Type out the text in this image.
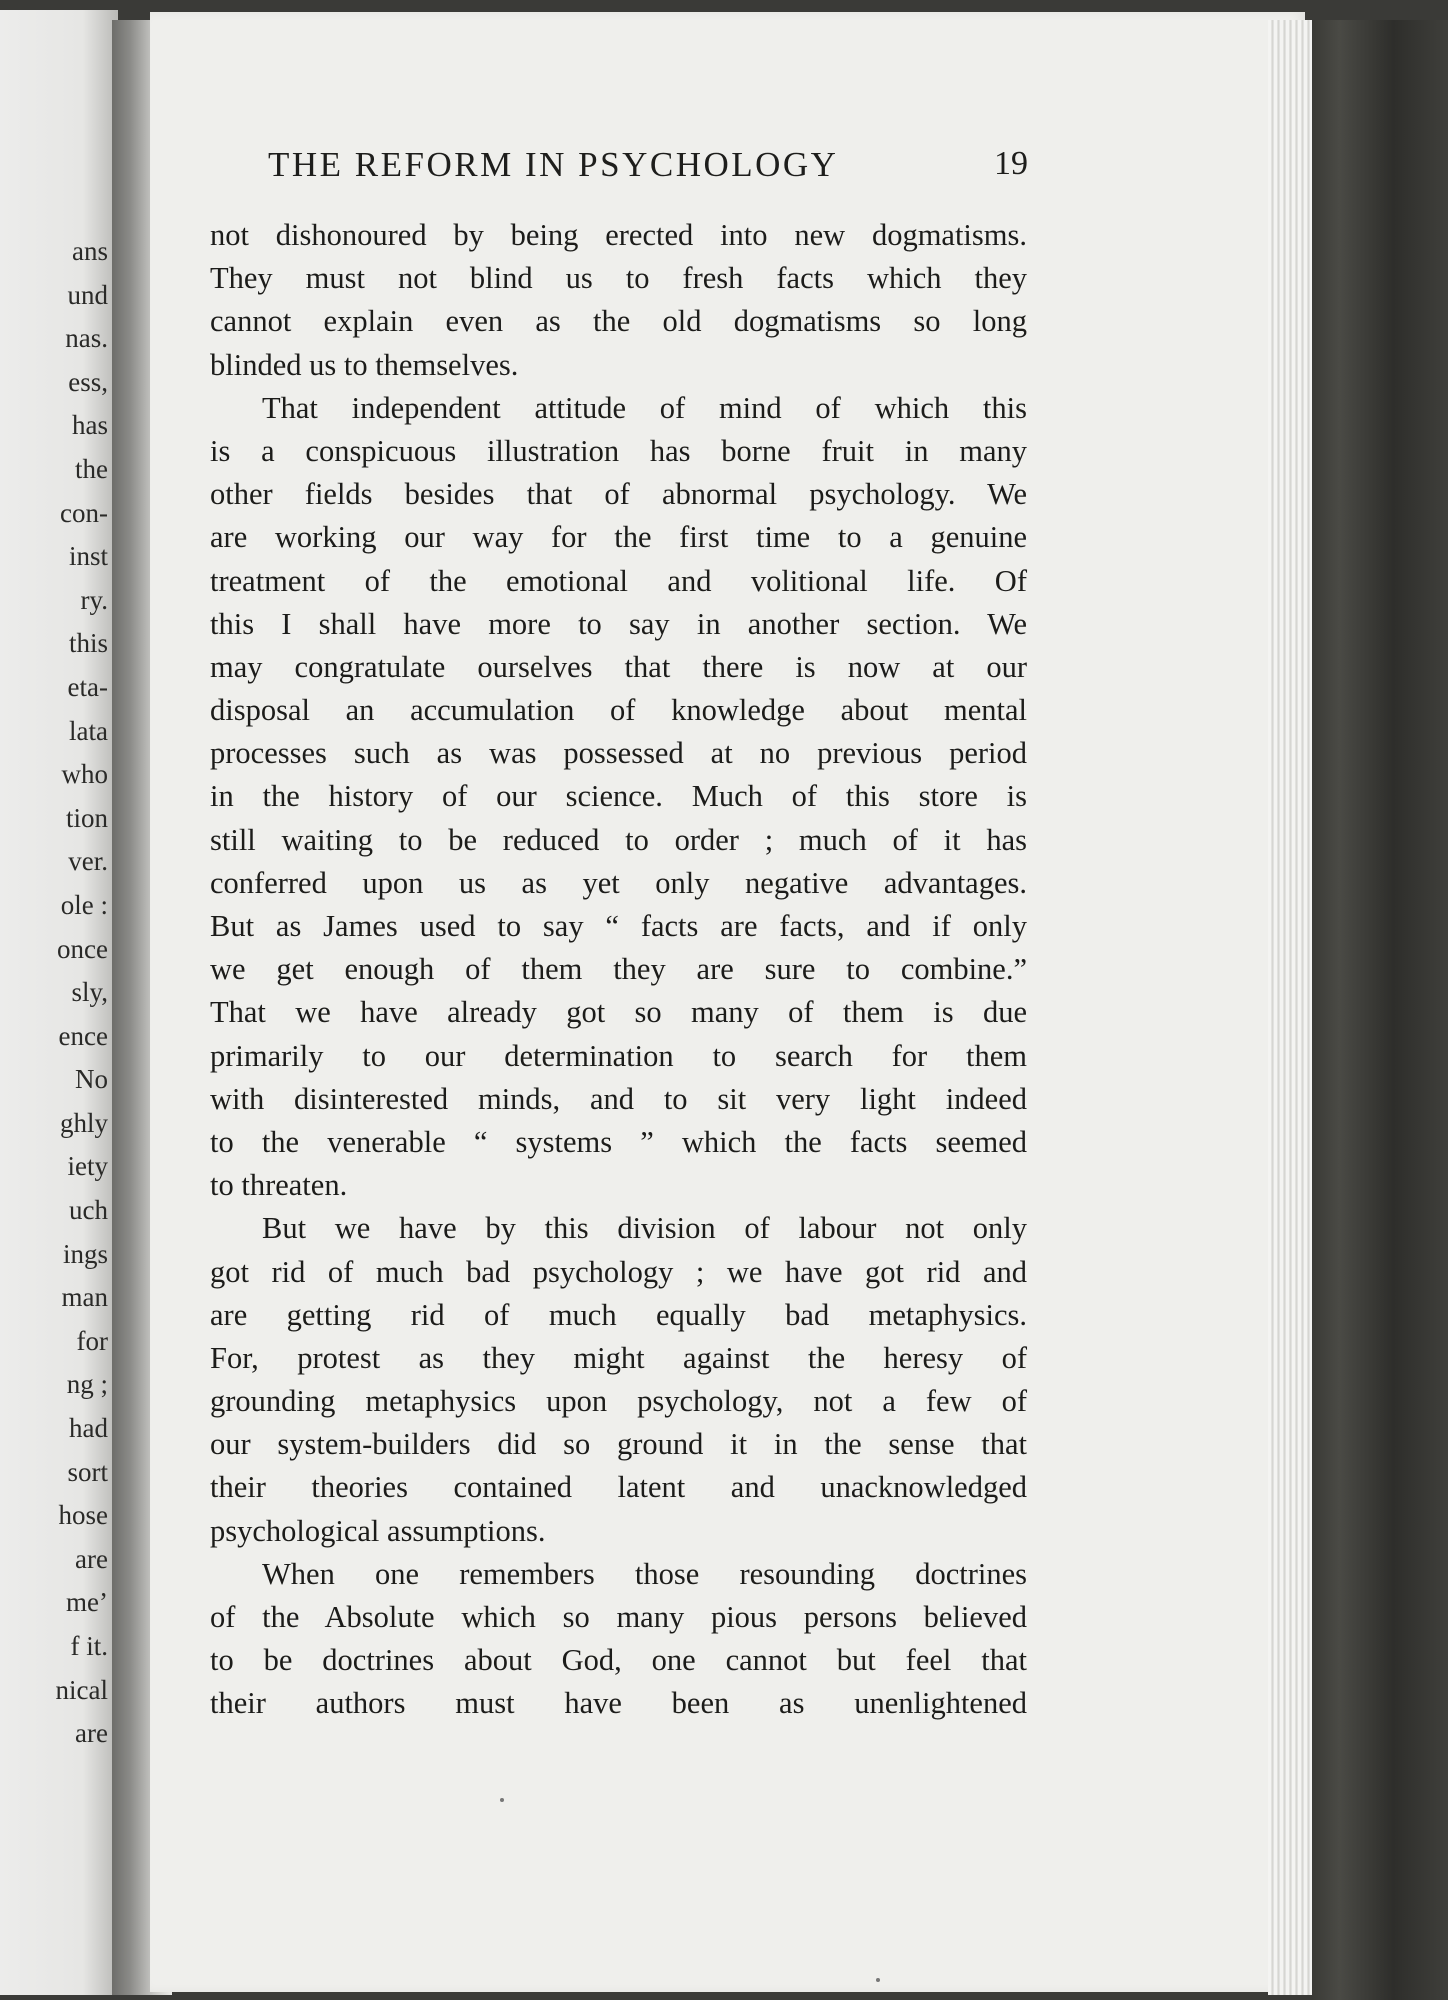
ans
und
nas.
ess,
has
the
con-
inst
ry.
this
eta-
lata
who
tion
ver.
ole :
once
sly,
ence
No
ghly
iety
uch
ings
man
for
ng ;
had
sort
hose
are
me’
f it.
nical
are
THE REFORM IN PSYCHOLOGY	19
not dishonoured by being erected into new dogmatisms.
They must not blind us to fresh facts which they
cannot explain even as the old dogmatisms so long
blinded us to themselves.
That independent attitude of mind of which this
is a conspicuous illustration has borne fruit in many
other fields besides that of abnormal psychology. We
are working our way for the first time to a genuine
treatment of the emotional and volitional life. Of
this I shall have more to say in another section. We
may congratulate ourselves that there is now at our
disposal an accumulation of knowledge about mental
processes such as was possessed at no previous period
in the history of our science. Much of this store is
still waiting to be reduced to order ; much of it has
conferred upon us as yet only negative advantages.
But as James used to say “ facts are facts, and if only
we get enough of them they are sure to combine.”
That we have already got so many of them is due
primarily to our determination to search for them
with disinterested minds, and to sit very light indeed
to the venerable “ systems ” which the facts seemed
to threaten.
But we have by this division of labour not only
got rid of much bad psychology ; we have got rid and
are getting rid of much equally bad metaphysics.
For, protest as they might against the heresy of
grounding metaphysics upon psychology, not a few of
our system-builders did so ground it in the sense that
their theories contained latent and unacknowledged
psychological assumptions.
When one remembers those resounding doctrines
of the Absolute which so many pious persons believed
to be doctrines about God, one cannot but feel that
their authors must have been as unenlightened
